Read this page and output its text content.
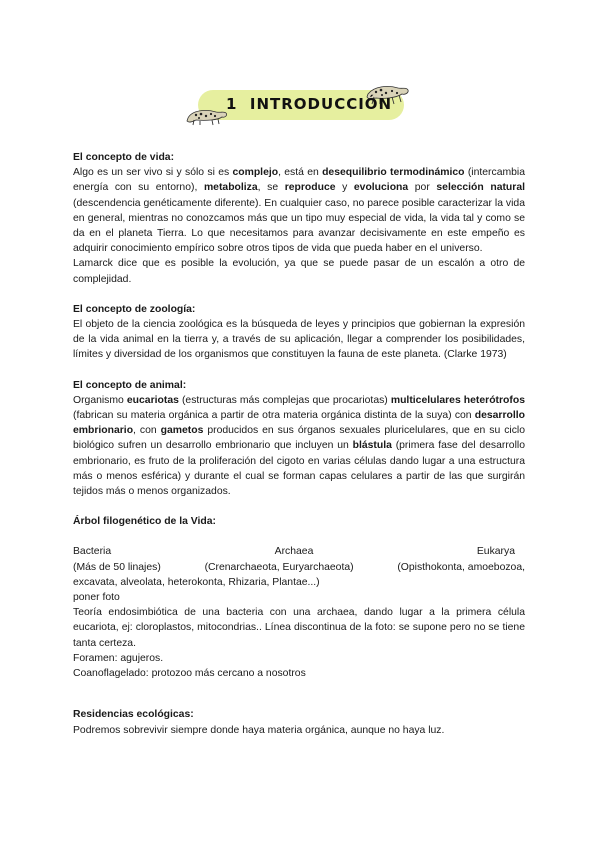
1 INTRODUCCIÓN
El concepto de vida:

Algo es un ser vivo si y sólo si es complejo, está en desequilibrio termodinámico (intercambia energía con su entorno), metaboliza, se reproduce y evoluciona por selección natural (descendencia genéticamente diferente). En cualquier caso, no parece posible caracterizar la vida en general, mientras no conozcamos más que un tipo muy especial de vida, la vida tal y como se da en el planeta Tierra. Lo que necesitamos para avanzar decisivamente en este empeño es adquirir conocimiento empírico sobre otros tipos de vida que pueda haber en el universo.

Lamarck dice que es posible la evolución, ya que se puede pasar de un escalón a otro de complejidad.

El concepto de zoología:

El objeto de la ciencia zoológica es la búsqueda de leyes y principios que gobiernan la expresión de la vida animal en la tierra y, a través de su aplicación, llegar a comprender los posibilidades, límites y diversidad de los organismos que constituyen la fauna de este planeta. (Clarke 1973)

El concepto de animal:

Organismo eucariotas (estructuras más complejas que procariotas) multicelulares heterótrofos (fabrican su materia orgánica a partir de otra materia orgánica distinta de la suya) con desarrollo embrionario, con gametos producidos en sus órganos sexuales pluricelulares, que en su ciclo biológico sufren un desarrollo embrionario que incluyen un blástula (primera fase del desarrollo embrionario, es fruto de la proliferación del cigoto en varias células dando lugar a una estructura más o menos esférica) y durante el cual se forman capas celulares a partir de las que surgirán tejidos más o menos organizados.

Árbol filogenético de la Vida:
Bacteria	Archaea	Eukarya
(Más de 50 linajes)	(Crenarchaeota, Euryarchaeota)	(Opisthokonta, amoebozoa,

excavata, alveolata, heterokonta, Rhizaria, Plantae...)

poner foto

Teoría endosimbiótica de una bacteria con una archaea, dando lugar a la primera célula eucariota, ej: cloroplastos, mitocondrias.. Línea discontinua de la foto: se supone pero no se tiene tanta certeza.

Foramen: agujeros.

Coanoflagelado: protozoo más cercano a nosotros

Residencias ecológicas:

Podremos sobrevivir siempre donde haya materia orgánica, aunque no haya luz.
